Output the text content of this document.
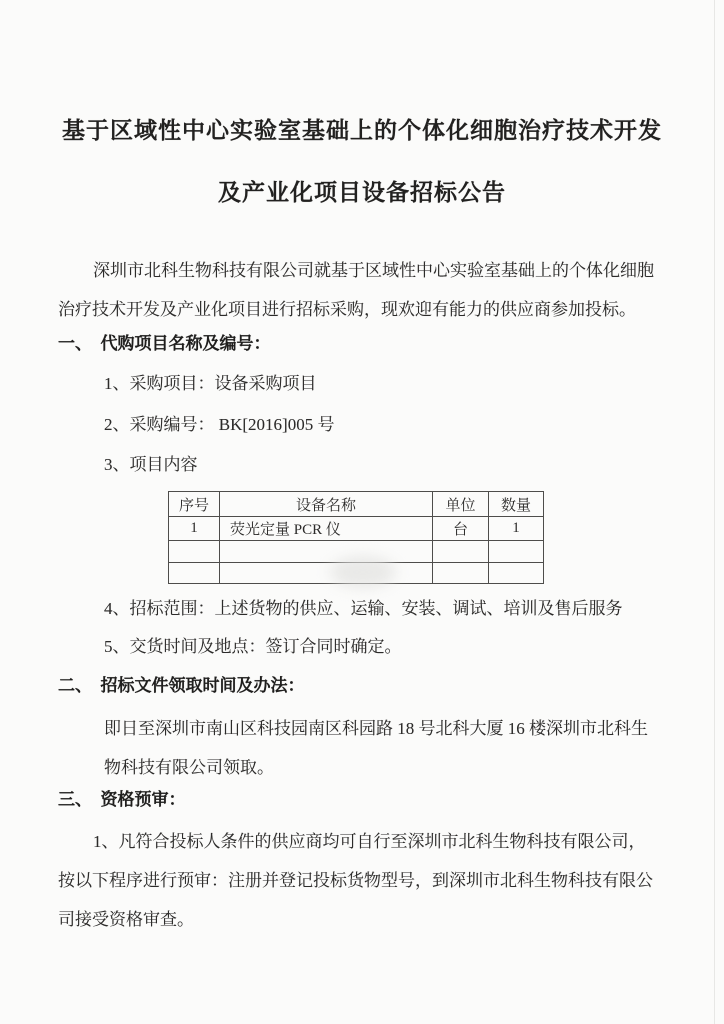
基于区域性中心实验室基础上的个体化细胞治疗技术开发
及产业化项目设备招标公告

深圳市北科生物科技有限公司就基于区域性中心实验室基础上的个体化细胞治疗技术开发及产业化项目进行招标采购，现欢迎有能力的供应商参加投标。

一、　代购项目名称及编号：
1、采购项目：设备采购项目
2、采购编号： BK[2016]005 号
3、项目内容
序号	设备名称	单位	数量
1	荧光定量 PCR 仪	台	1

4、招标范围：上述货物的供应、运输、安装、调试、培训及售后服务
5、交货时间及地点：签订合同时确定。
二、　招标文件领取时间及办法：

即日至深圳市南山区科技园南区科园路 18 号北科大厦 16 楼深圳市北科生物科技有限公司领取。

三、　资格预审：

1、凡符合投标人条件的供应商均可自行至深圳市北科生物科技有限公司，按以下程序进行预审：注册并登记投标货物型号，到深圳市北科生物科技有限公司接受资格审查。
